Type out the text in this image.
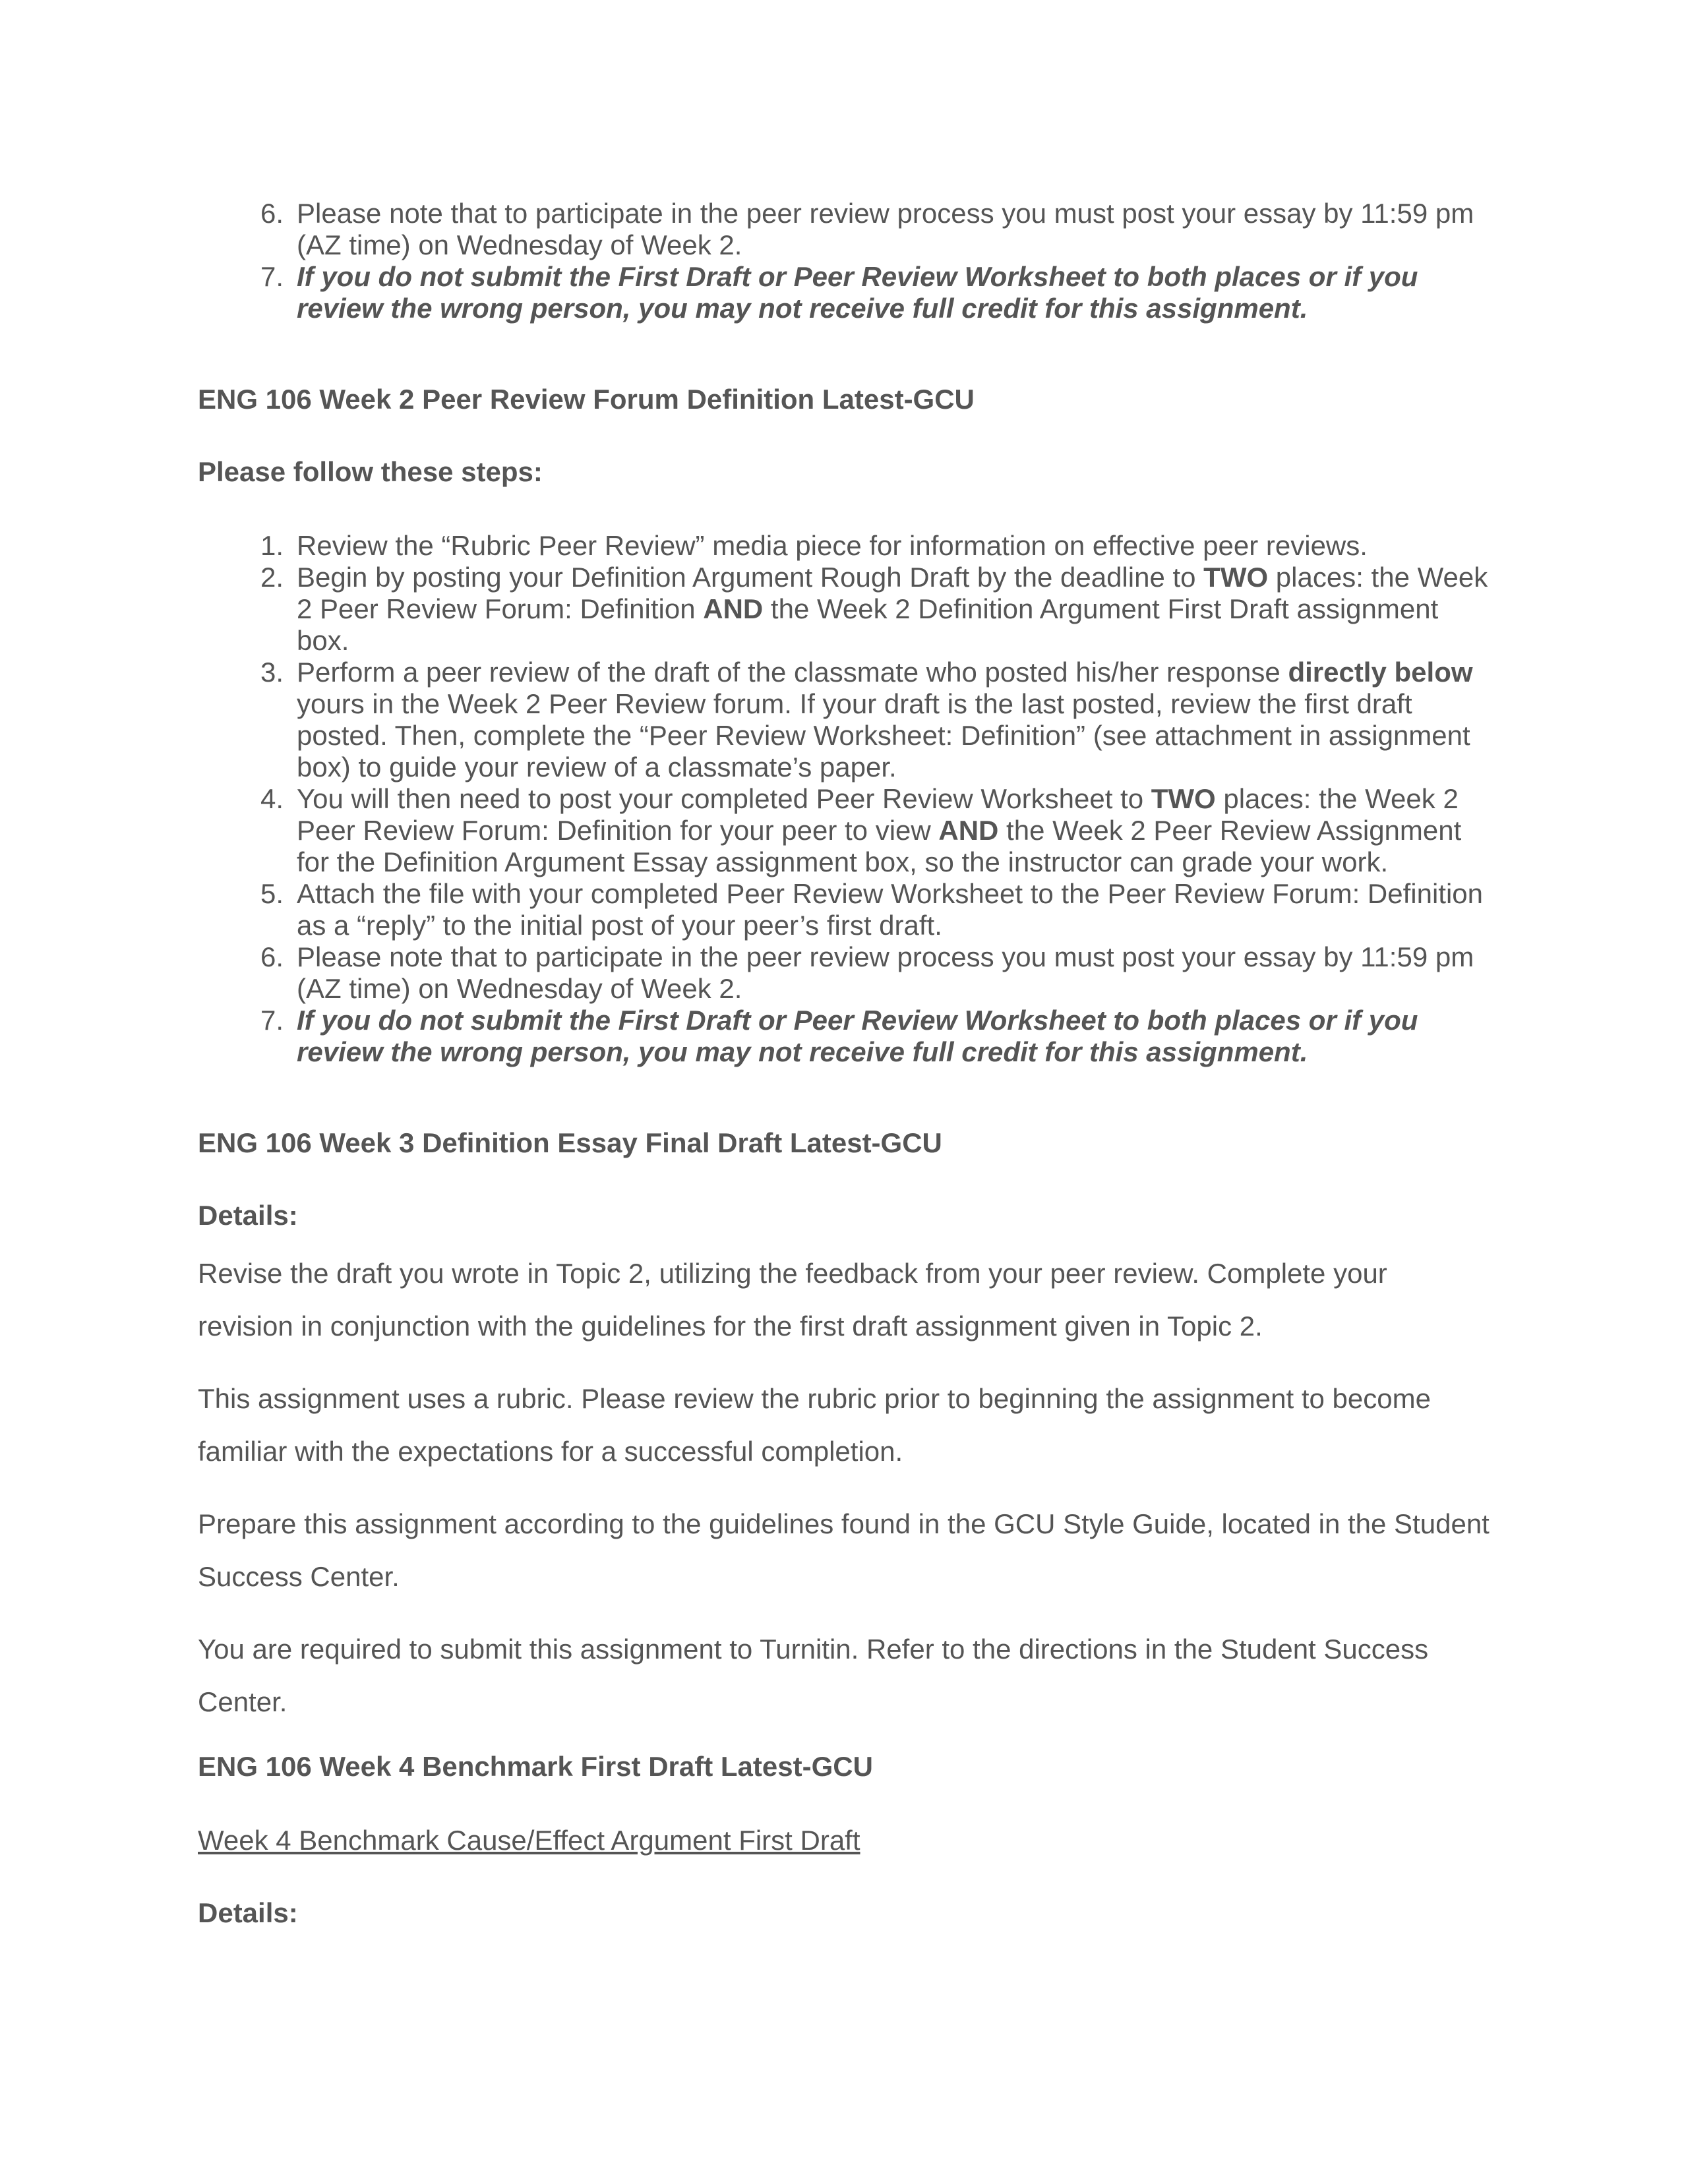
6. Please note that to participate in the peer review process you must post your essay by 11:59 pm (AZ time) on Wednesday of Week 2.
7. If you do not submit the First Draft or Peer Review Worksheet to both places or if you review the wrong person, you may not receive full credit for this assignment.

ENG 106 Week 2 Peer Review Forum Definition Latest-GCU

Please follow these steps:

1. Review the “Rubric Peer Review” media piece for information on effective peer reviews.
2. Begin by posting your Definition Argument Rough Draft by the deadline to TWO places: the Week 2 Peer Review Forum: Definition AND the Week 2 Definition Argument First Draft assignment box.
3. Perform a peer review of the draft of the classmate who posted his/her response directly below yours in the Week 2 Peer Review forum. If your draft is the last posted, review the first draft posted. Then, complete the “Peer Review Worksheet: Definition” (see attachment in assignment box) to guide your review of a classmate’s paper.
4. You will then need to post your completed Peer Review Worksheet to TWO places: the Week 2 Peer Review Forum: Definition for your peer to view AND the Week 2 Peer Review Assignment for the Definition Argument Essay assignment box, so the instructor can grade your work.
5. Attach the file with your completed Peer Review Worksheet to the Peer Review Forum: Definition as a “reply” to the initial post of your peer’s first draft.
6. Please note that to participate in the peer review process you must post your essay by 11:59 pm (AZ time) on Wednesday of Week 2.
7. If you do not submit the First Draft or Peer Review Worksheet to both places or if you review the wrong person, you may not receive full credit for this assignment.

ENG 106 Week 3 Definition Essay Final Draft Latest-GCU

Details:

Revise the draft you wrote in Topic 2, utilizing the feedback from your peer review. Complete your revision in conjunction with the guidelines for the first draft assignment given in Topic 2.

This assignment uses a rubric. Please review the rubric prior to beginning the assignment to become familiar with the expectations for a successful completion.

Prepare this assignment according to the guidelines found in the GCU Style Guide, located in the Student Success Center.

You are required to submit this assignment to Turnitin. Refer to the directions in the Student Success Center.

ENG 106 Week 4 Benchmark First Draft Latest-GCU

Week 4 Benchmark Cause/Effect Argument First Draft

Details:
